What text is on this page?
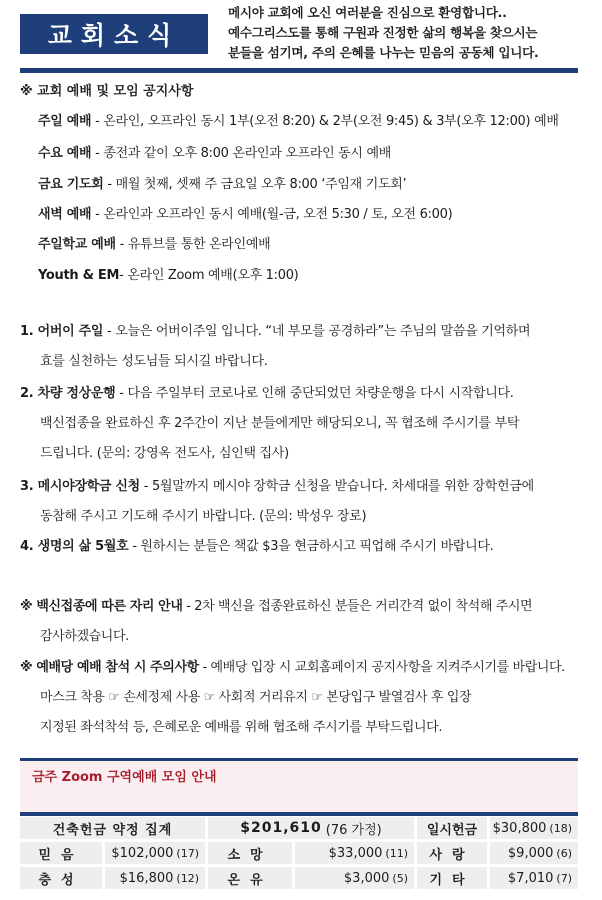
교회소식
메시야 교회에 오신 여러분을 진심으로 환영합니다..
예수그리스도를 통해 구원과 진정한 삶의 행복을 찾으시는
분들을 섬기며, 주의 은혜를 나누는 믿음의 공동체 입니다.
※ 교회 예배 및 모임 공지사항
주일 예배 - 온라인, 오프라인 동시 1부(오전 8:20) & 2부(오전 9:45) & 3부(오후 12:00) 예배
수요 예배 - 종전과 같이 오후 8:00 온라인과 오프라인 동시 예배
금요 기도회 - 매월 첫째, 셋째 주 금요일 오후 8:00 ‘주임재 기도회’
새벽 예배 - 온라인과 오프라인 동시 예배(월-금, 오전 5:30 / 토, 오전 6:00)
주일학교 예배 - 유튜브를 통한 온라인예배
Youth & EM- 온라인 Zoom 예배(오후 1:00)
1. 어버이 주일 - 오늘은 어버이주일 입니다. “네 부모를 공경하라”는 주님의 말씀을 기억하며
효를 실천하는 성도님들 되시길 바랍니다.
2. 차량 정상운행 - 다음 주일부터 코로나로 인해 중단되었던 차량운행을 다시 시작합니다.
백신접종을 완료하신 후 2주간이 지난 분들에게만 해당되오니, 꼭 협조해 주시기를 부탁
드립니다. (문의: 강영옥 전도사, 심인택 집사)
3. 메시야장학금 신청 - 5월말까지 메시야 장학금 신청을 받습니다. 차세대를 위한 장학헌금에
동참해 주시고 기도해 주시기 바랍니다. (문의: 박성우 장로)
4. 생명의 삶 5월호 - 원하시는 분들은 책값 $3을 현금하시고 픽업해 주시기 바랍니다.
※ 백신접종에 따른 자리 안내 - 2차 백신을 접종완료하신 분들은 거리간격 없이 착석해 주시면
감사하겠습니다.
※ 예배당 예배 참석 시 주의사항 - 예배당 입장 시 교회홈페이지 공지사항을 지켜주시기를 바랍니다.
마스크 착용 ☞ 손세정제 사용 ☞ 사회적 거리유지 ☞ 본당입구 발열검사 후 입장
지정된 좌석착석 등, 은혜로운 예배를 위해 협조해 주시기를 부탁드립니다.
금주 Zoom 구역예배 모임 안내
건축헌금 약정 집계	$201,610 (76 가정)	일시헌금	$30,800 (18)
믿음	$102,000 (17)	소망	$33,000 (11)	사랑	$9,000 (6)
충성	$16,800 (12)	온유	$3,000 (5)	기타	$7,010 (7)
